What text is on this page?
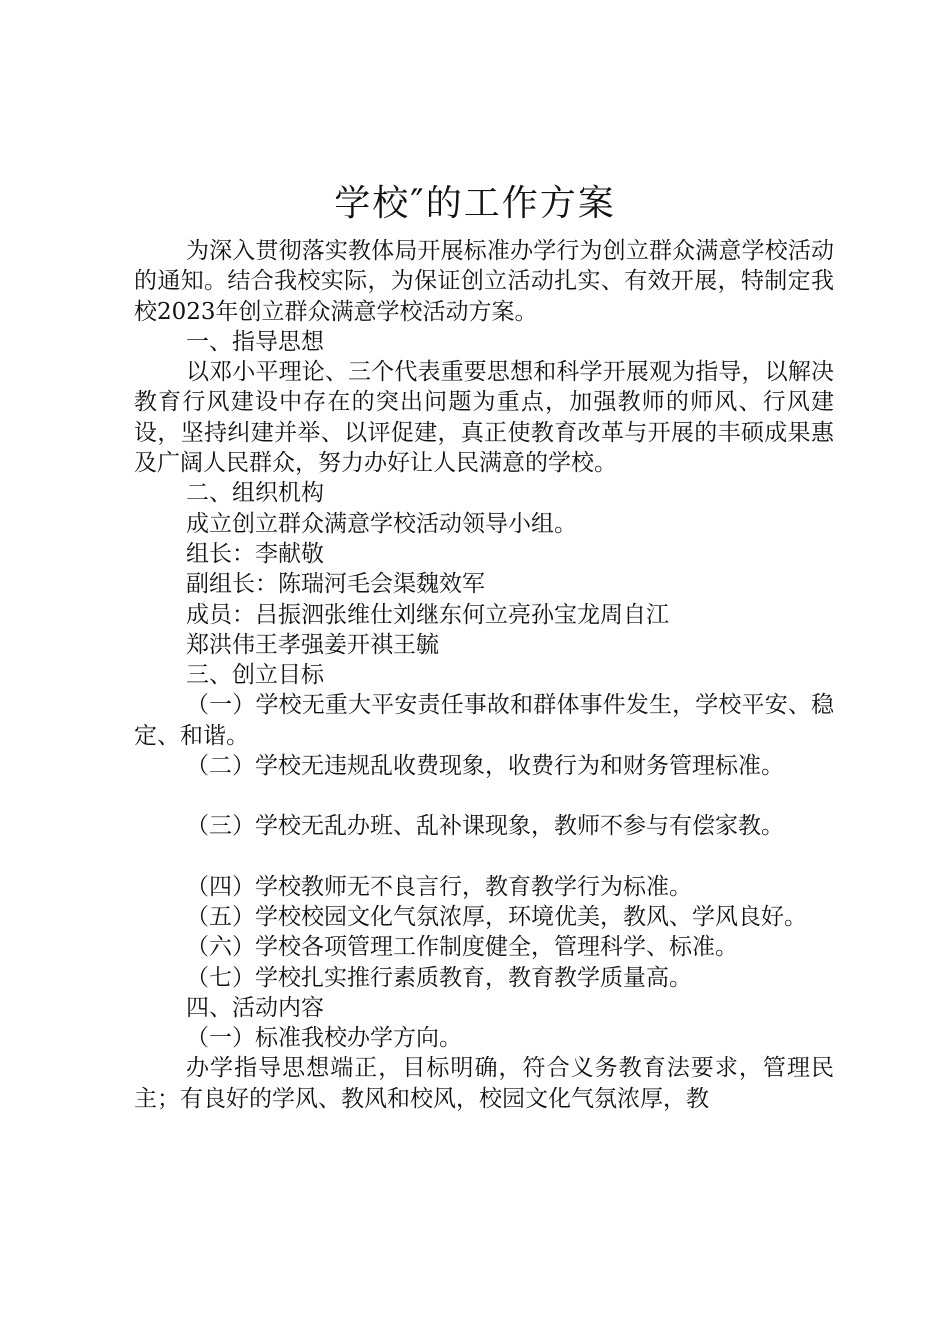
学校″的工作方案

为深入贯彻落实教体局开展标准办学行为创立群众满意学校活动的通知。结合我校实际，为保证创立活动扎实、有效开展，特制定我校2023年创立群众满意学校活动方案。

一、指导思想

以邓小平理论、三个代表重要思想和科学开展观为指导，以解决教育行风建设中存在的突出问题为重点，加强教师的师风、行风建设，坚持纠建并举、以评促建，真正使教育改革与开展的丰硕成果惠及广阔人民群众，努力办好让人民满意的学校。

二、组织机构

成立创立群众满意学校活动领导小组。

组长：李献敬

副组长：陈瑞河毛会渠魏效军

成员：吕振泗张维仕刘继东何立亮孙宝龙周自江

郑洪伟王孝强姜开祺王毓

三、创立目标

（一）学校无重大平安责任事故和群体事件发生，学校平安、稳定、和谐。

（二）学校无违规乱收费现象，收费行为和财务管理标准。

（三）学校无乱办班、乱补课现象，教师不参与有偿家教。

（四）学校教师无不良言行，教育教学行为标准。

（五）学校校园文化气氛浓厚，环境优美，教风、学风良好。

（六）学校各项管理工作制度健全，管理科学、标准。

（七）学校扎实推行素质教育，教育教学质量高。

四、活动内容

（一）标准我校办学方向。

办学指导思想端正，目标明确，符合义务教育法要求，管理民主；有良好的学风、教风和校风，校园文化气氛浓厚，教
